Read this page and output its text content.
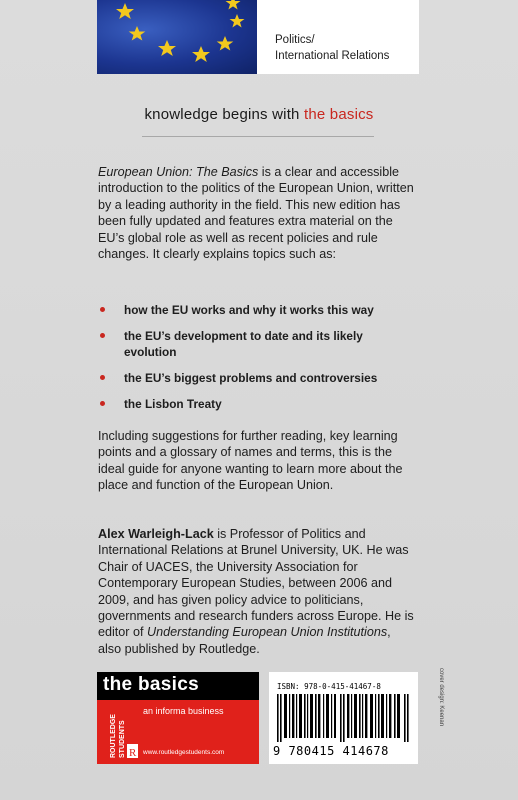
Politics/
International Relations
knowledge begins with the basics
European Union: The Basics is a clear and accessible introduction to the politics of the European Union, written by a leading authority in the field. This new edition has been fully updated and features extra material on the EU’s global role as well as recent policies and rule changes. It clearly explains topics such as:
how the EU works and why it works this way
the EU’s development to date and its likely evolution
the EU’s biggest problems and controversies
the Lisbon Treaty
Including suggestions for further reading, key learning points and a glossary of names and terms, this is the ideal guide for anyone wanting to learn more about the place and function of the European Union.
Alex Warleigh-Lack is Professor of Politics and International Relations at Brunel University, UK. He was Chair of UACES, the University Association for Contemporary European Studies, between 2006 and 2009, and has given policy advice to politicians, governments and research funders across Europe. He is editor of Understanding European Union Institutions, also published by Routledge.
the basics
ROUTLEDGE STUDENTS R
an informa business
www.routledgestudents.com
ISBN: 978-0-415-41467-8
9 780415 414678
cover design: Keenan
